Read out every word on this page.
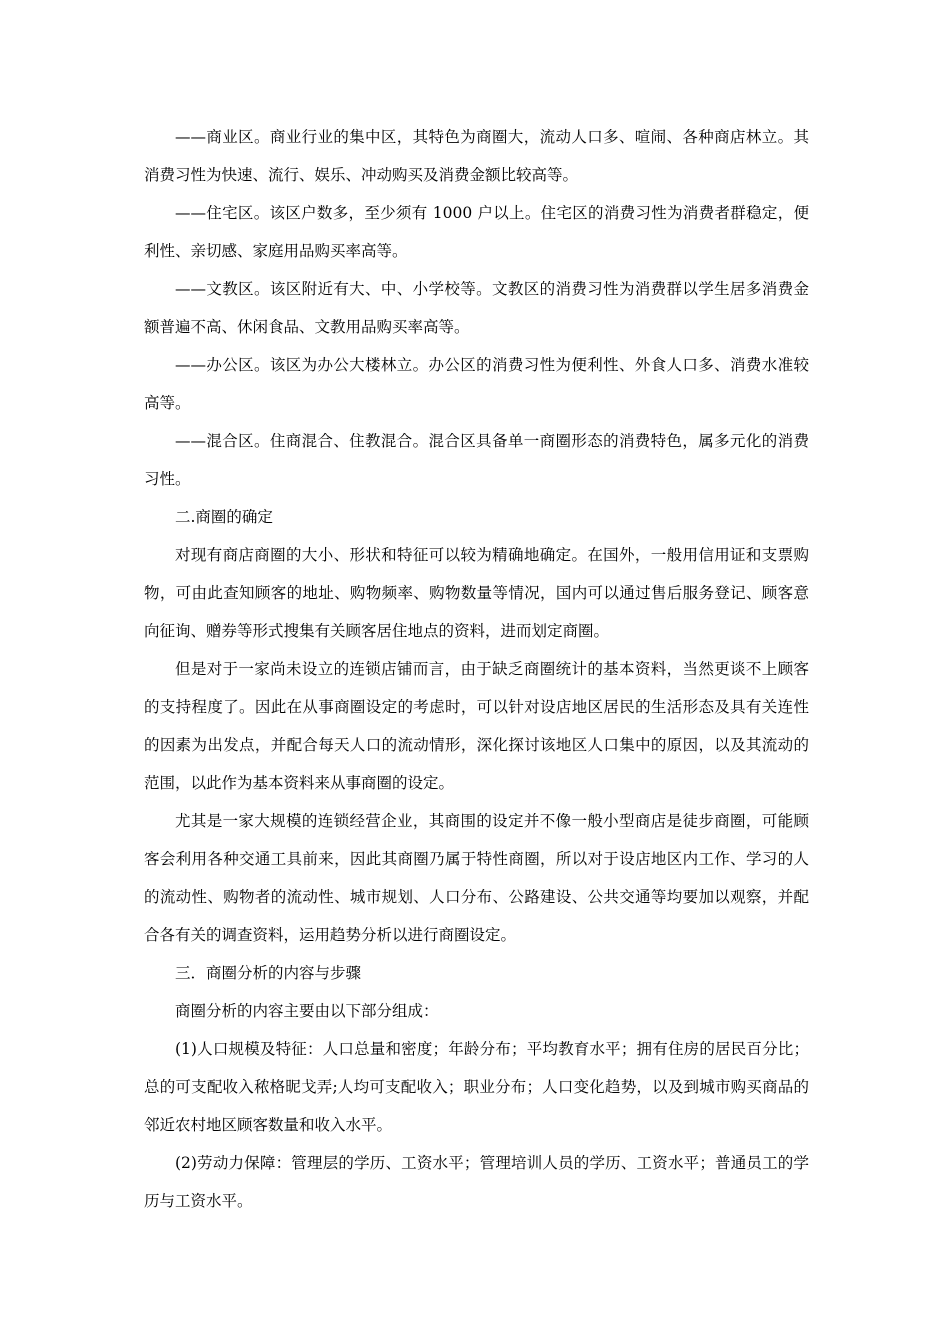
——商业区。商业行业的集中区，其特色为商圈大，流动人口多、喧闹、各种商店林立。其消费习性为快速、流行、娱乐、冲动购买及消费金额比较高等。

——住宅区。该区户数多，至少须有 1000 户以上。住宅区的消费习性为消费者群稳定，便利性、亲切感、家庭用品购买率高等。

——文教区。该区附近有大、中、小学校等。文教区的消费习性为消费群以学生居多消费金额普遍不高、休闲食品、文教用品购买率高等。

——办公区。该区为办公大楼林立。办公区的消费习性为便利性、外食人口多、消费水准较高等。

——混合区。住商混合、住教混合。混合区具备单一商圈形态的消费特色，属多元化的消费习性。

二.商圈的确定

对现有商店商圈的大小、形状和特征可以较为精确地确定。在国外，一般用信用证和支票购物，可由此查知顾客的地址、购物频率、购物数量等情况，国内可以通过售后服务登记、顾客意向征询、赠券等形式搜集有关顾客居住地点的资料，进而划定商圈。

但是对于一家尚未设立的连锁店铺而言，由于缺乏商圈统计的基本资料，当然更谈不上顾客的支持程度了。因此在从事商圈设定的考虑时，可以针对设店地区居民的生活形态及具有关连性的因素为出发点，并配合每天人口的流动情形，深化探讨该地区人口集中的原因，以及其流动的范围，以此作为基本资料来从事商圈的设定。

尤其是一家大规模的连锁经营企业，其商围的设定并不像一般小型商店是徒步商圈，可能顾客会利用各种交通工具前来，因此其商圈乃属于特性商圈，所以对于设店地区内工作、学习的人的流动性、购物者的流动性、城市规划、人口分布、公路建设、公共交通等均要加以观察，并配合各有关的调查资料，运用趋势分析以进行商圈设定。

三．商圈分析的内容与步骤

商圈分析的内容主要由以下部分组成：

(1)人口规模及特征：人口总量和密度；年龄分布；平均教育水平；拥有住房的居民百分比；总的可支配收入秾格昵戈弄;人均可支配收入；职业分布；人口变化趋势，以及到城市购买商品的邻近农村地区顾客数量和收入水平。

(2)劳动力保障：管理层的学历、工资水平；管理培训人员的学历、工资水平；普通员工的学历与工资水平。
